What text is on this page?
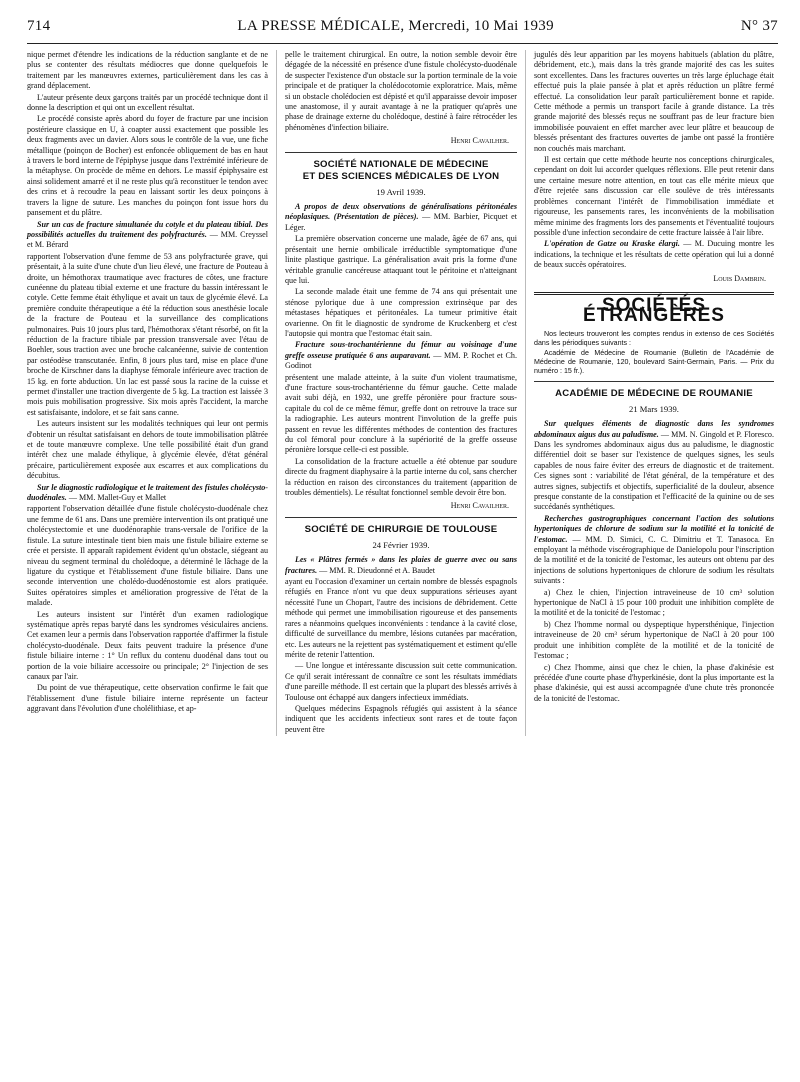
714	LA PRESSE MÉDICALE, Mercredi, 10 Mai 1939	N° 37

nique permet d'étendre les indications de la réduction sanglante et de ne plus se contenter des résultats médiocres que donne quelquefois le traitement par les manœuvres externes, particulièrement dans les cas à grand déplacement.

L'auteur présente deux garçons traités par un procédé technique dont il donne la description et qui ont un excellent résultat.

Le procédé consiste après abord du foyer de fracture par une incision postérieure classique en U, à coapter aussi exactement que possible les deux fragments avec un davier. Alors sous le contrôle de la vue, une fiche métallique (poinçon de Bocher) est enfoncée obliquement de bas en haut à travers le bord interne de l'épiphyse jusque dans l'extrémité inférieure de la métaphyse. On procède de même en dehors. Le massif épiphysaire est ainsi solidement amarré et il ne reste plus qu'à reconstituer le tendon avec des crins et à recoudre la peau en laissant sortir les deux poinçons à travers la ligne de suture. Les manches du poinçon font issue hors du pansement et du plâtre.

Sur un cas de fracture simultanée du cotyle et du plateau tibial. Des possibilités actuelles du traitement des polyfracturés. — MM. Creyssel et M. Bérard

rapportent l'observation d'une femme de 53 ans polyfracturée grave, qui présentait, à la suite d'une chute d'un lieu élevé, une fracture de Pouteau à droite, un hémothorax traumatique avec fractures de côtes, une fracture cunéenne du plateau tibial externe et une fracture du bassin intéressant le cotyle. Cette femme était éthylique et avait un taux de glycémie élevé. La première conduite thérapeutique a été la réduction sous anesthésie locale de la fracture de Pouteau et la surveillance des complications pulmonaires. Puis 10 jours plus tard, l'hémothorax s'étant résorbé, on fit la réduction de la fracture tibiale par pression transversale avec l'étau de Boehler, sous traction avec une broche calcanéenne, suivie de contention par ostéodèse transcutanée. Enfin, 8 jours plus tard, mise en place d'une broche de Kirschner dans la diaphyse fémorale inférieure avec traction de 15 kg. en forte abduction. Un lac est passé sous la racine de la cuisse et permet d'installer une traction divergente de 5 kg. La traction est laissée 3 mois puis mobilisation progressive. Six mois après l'accident, la marche est satisfaisante, indolore, et se fait sans canne.

Les auteurs insistent sur les modalités techniques qui leur ont permis d'obtenir un résultat satisfaisant en dehors de toute immobilisation plâtrée et de toute manœuvre complexe. Une telle possibilité était d'un grand intérêt chez une malade éthylique, à glycémie élevée, d'état général précaire, particulièrement exposée aux escarres et aux complications du décubitus.

Sur le diagnostic radiologique et le traitement des fistules cholécysto-duodénales. — MM. Mallet-Guy et Mallet

rapportent l'observation détaillée d'une fistule cholécysto-duodénale chez une femme de 61 ans. Dans une première intervention ils ont pratiqué une cholécystectomie et une duodénoraphie trans-versale de l'orifice de la fistule. La suture intestinale tient bien mais une fistule biliaire externe se crée et persiste. Il apparaît rapidement évident qu'un obstacle, siégeant au niveau du segment terminal du cholédoque, a déterminé le lâchage de la ligature du cystique et l'établissement d'une fistule biliaire. Dans une seconde intervention une cholédo-duodénostomie est alors pratiquée. Suites opératoires simples et amélioration progressive de l'état de la malade.

Les auteurs insistent sur l'intérêt d'un examen radiologique systématique après repas baryté dans les syndromes vésiculaires anciens. Cet examen leur a permis dans l'observation rapportée d'affirmer la fistule cholécysto-duodénale. Deux faits peuvent traduire la présence d'une fistule biliaire interne : 1° Un reflux du contenu duodénal dans tout ou portion de la voie biliaire accessoire ou principale; 2° l'injection de ses canaux par l'air.

Du point de vue thérapeutique, cette observation confirme le fait que l'établissement d'une fistule biliaire interne représente un facteur aggravant dans l'évolution d'une cholélithiase, et ap-

pelle le traitement chirurgical. En outre, la notion semble devoir être dégagée de la nécessité en présence d'une fistule cholécysto-duodénale de suspecter l'existence d'un obstacle sur la portion terminale de la voie principale et de pratiquer la cholédocotomie exploratrice. Mais, même si un obstacle cholédocien est dépisté et qu'il apparaisse devoir imposer une anastomose, il y aurait avantage à ne la pratiquer qu'après une phase de drainage externe du cholédoque, destiné à faire rétrocéder les phénomènes d'infection biliaire.

Henri Cavailher.
SOCIÉTÉ NATIONALE DE MÉDECINE
ET DES SCIENCES MÉDICALES DE LYON
19 Avril 1939.

A propos de deux observations de généralisations péritonéales néoplasiques. (Présentation de pièces). — MM. Barbier, Picquet et Léger.

La première observation concerne une malade, âgée de 67 ans, qui présentait une hernie ombilicale irréductible symptomatique d'une linite plastique gastrique. La généralisation avait pris la forme d'une véritable granulie cancéreuse attaquant tout le péritoine et n'atteignant que lui.

La seconde malade était une femme de 74 ans qui présentait une sténose pylorique due à une compression extrinsèque par des métastases hépatiques et péritonéales. La tumeur primitive était ovarienne. On fit le diagnostic de syndrome de Kruckenberg et c'est l'autopsie qui montra que l'estomac était sain.

Fracture sous-trochantérienne du fémur au voisinage d'une greffe osseuse pratiquée 6 ans auparavant. — MM. P. Rochet et Ch. Godinot

présentent une malade atteinte, à la suite d'un violent traumatisme, d'une fracture sous-trochantérienne du fémur gauche. Cette malade avait subi déjà, en 1932, une greffe péronière pour fracture sous-capitale du col de ce même fémur, greffe dont on retrouve la trace sur la radiographie. Les auteurs montrent l'involution de la greffe puis passent en revue les différentes méthodes de contention des fractures du col fémoral pour conclure à la supériorité de la greffe osseuse péronière lorsque celle-ci est possible.

La consolidation de la fracture actuelle a été obtenue par soudure directe du fragment diaphysaire à la partie interne du col, sans chercher la réduction en raison des circonstances du traitement (apparition de troubles démentiels). Le résultat fonctionnel semble devoir être bon.

Henri Cavailher.
SOCIÉTÉ DE CHIRURGIE DE TOULOUSE
24 Février 1939.

Les « Plâtres fermés » dans les plaies de guerre avec ou sans fractures. — MM. R. Dieudonné et A. Baudet

ayant eu l'occasion d'examiner un certain nombre de blessés espagnols réfugiés en France n'ont vu que deux suppurations sérieuses ayant nécessité l'une un Chopart, l'autre des incisions de débridement. Cette méthode qui permet une immobilisation rigoureuse et des pansements rares a néanmoins quelques inconvénients : tendance à la cavité close, difficulté de surveillance du membre, lésions cutanées par macération, etc. Les auteurs ne la rejettent pas systématiquement et estiment qu'elle mérite de retenir l'attention.

— Une longue et intéressante discussion suit cette communication. Ce qu'il serait intéressant de connaître ce sont les résultats immédiats d'une pareille méthode. Il est certain que la plupart des blessés arrivés à Toulouse ont échappé aux dangers infectieux immédiats.

Quelques médecins Espagnols réfugiés qui assistent à la séance indiquent que les accidents infectieux sont rares et de toute façon peuvent être

jugulés dès leur apparition par les moyens habituels (ablation du plâtre, débridement, etc.), mais dans la très grande majorité des cas les suites sont excellentes. Dans les fractures ouvertes un très large épluchage était effectué puis la plaie pansée à plat et après réduction un plâtre fermé effectué. La consolidation leur paraît particulièrement bonne et rapide. Cette méthode a permis un transport facile à grande distance. La très grande majorité des blessés reçus ne souffrant pas de leur fracture bien immobilisée pouvaient en effet marcher avec leur plâtre et beaucoup de blessés présentant des fractures ouvertes de jambe ont passé la frontière non couchés mais marchant.

Il est certain que cette méthode heurte nos conceptions chirurgicales, cependant on doit lui accorder quelques réflexions. Elle peut retenir dans une certaine mesure notre attention, en tout cas elle mérite mieux que d'être rejetée sans discussion car elle soulève de très intéressants problèmes concernant l'intérêt de l'immobilisation immédiate et rigoureuse, les pansements rares, les inconvénients de la mobilisation même minime des fragments lors des pansements et l'éventualité toujours possible d'une infection secondaire de cette fracture laissée à l'air libre.

L'opération de Gatze ou Kraske élargi. — M. Ducuing montre les indications, la technique et les résultats de cette opération qui lui a donné de beaux succès opératoires.

Louis Dambrin.
SOCIÉTÉS ÉTRANGÈRES

Nos lecteurs trouveront les comptes rendus in extenso de ces Sociétés dans les périodiques suivants :

Académie de Médecine de Roumanie (Bulletin de l'Académie de Médecine de Roumanie, 120, boulevard Saint-Germain, Paris. — Prix du numéro : 15 fr.).

ACADÉMIE DE MÉDECINE DE ROUMANIE
21 Mars 1939.

Sur quelques éléments de diagnostic dans les syndromes abdominaux aigus dus au paludisme. — MM. N. Gingold et P. Floresco. Dans les syndromes abdominaux aigus dus au paludisme, le diagnostic différentiel doit se baser sur l'existence de quelques signes, les seuls capables de nous faire éviter des erreurs de diagnostic et de traitement. Ces signes sont : variabilité de l'état général, de la température et des autres signes, subjectifs et objectifs, superficialité de la douleur, absence presque constante de la constipation et l'efficacité de la quinine ou de ses succédanés synthétiques.

Recherches gastrographiques concernant l'action des solutions hypertoniques de chlorure de sodium sur la motilité et la tonicité de l'estomac. — MM. D. Simici, C. C. Dimitriu et T. Tanasoca. En employant la méthode viscérographique de Danielopolu pour l'inscription de la motilité et de la tonicité de l'estomac, les auteurs ont obtenu par des injections de solutions hypertoniques de chlorure de sodium les résultats suivants :

a) Chez le chien, l'injection intraveineuse de 10 cm³ solution hypertonique de NaCl à 15 pour 100 produit une inhibition complète de la motilité et de la tonicité de l'estomac ;

b) Chez l'homme normal ou dyspeptique hypersthénique, l'injection intraveineuse de 20 cm³ sérum hypertonique de NaCl à 20 pour 100 produit une inhibition complète de la motilité et de la tonicité de l'estomac ;

c) Chez l'homme, ainsi que chez le chien, la phase d'akinésie est précédée d'une courte phase d'hyperkinésie, dont la plus importante est la phase d'akinésie, qui est aussi accompagnée d'une chute très prononcée de la tonicité de l'estomac.
